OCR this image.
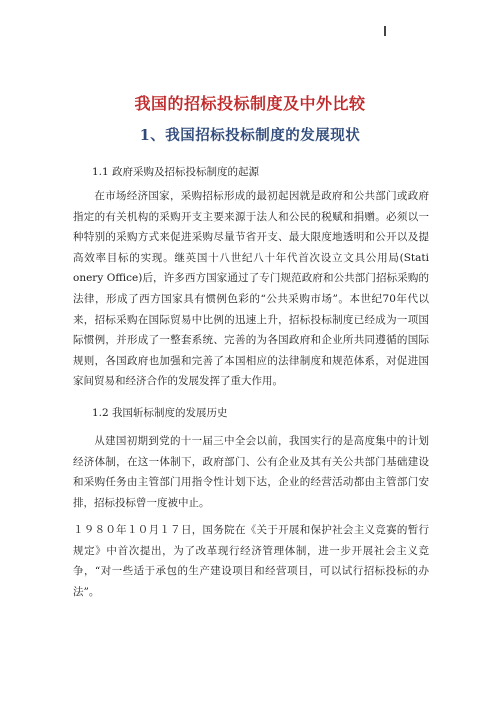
我国的招标投标制度及中外比较
1、我国招标投标制度的发展现状
1.1 政府采购及招标投标制度的起源
在市场经济国家，采购招标形成的最初起因就是政府和公共部门或政府指定的有关机构的采购开支主要来源于法人和公民的税赋和捐赠。必须以一种特别的采购方式来促进采购尽量节省开支、最大限度地透明和公开以及提高效率目标的实现。继英国十八世纪八十年代首次设立文具公用局(Stati onery Office)后，许多西方国家通过了专门规范政府和公共部门招标采购的法律，形成了西方国家具有惯例色彩的“公共采购市场”。本世纪70年代以来，招标采购在国际贸易中比例的迅速上升，招标投标制度已经成为一项国际惯例，并形成了一整套系统、完善的为各国政府和企业所共同遵循的国际规则，各国政府也加强和完善了本国相应的法律制度和规范体系，对促进国家间贸易和经济合作的发展发挥了重大作用。
1.2 我国斩标制度的发展历史
从建国初期到党的十一届三中全会以前，我国实行的是高度集中的计划经济体制，在这一体制下，政府部门、公有企业及其有关公共部门基础建设和采购任务由主管部门用指令性计划下达，企业的经营活动都由主管部门安排，招标投标曾一度被中止。
１９８０年１０月１７日，国务院在《关于开展和保护社会主义竞赛的暂行规定》中首次提出，为了改革现行经济管理体制，进一步开展社会主义竞争，“对一些适于承包的生产建设项目和经营项目，可以试行招标投标的办法”。
